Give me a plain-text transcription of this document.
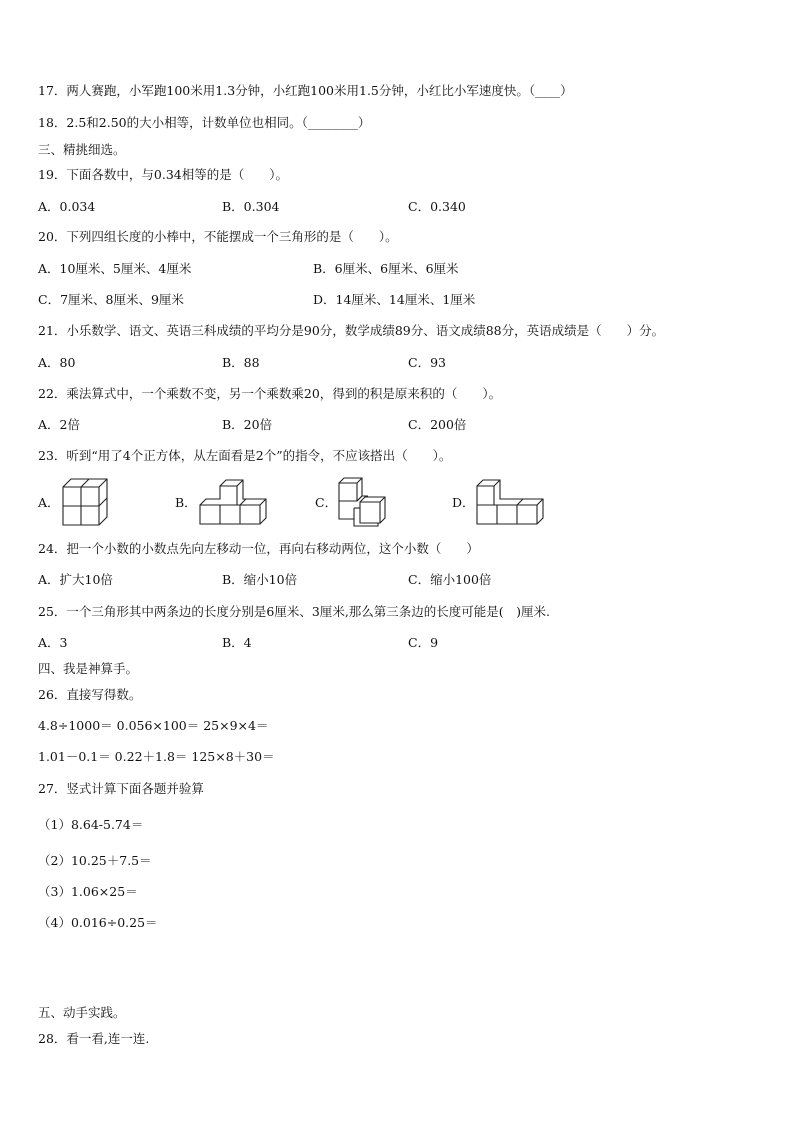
17．两人赛跑，小军跑100米用1.3分钟，小红跑100米用1.5分钟，小红比小军速度快。（____）
18．2.5和2.50的大小相等，计数单位也相同。（________）
三、精挑细选。
19．下面各数中，与0.34相等的是（　　）。
A．0.034	B．0.304	C．0.340
20．下列四组长度的小棒中，不能摆成一个三角形的是（　　）。
A．10厘米、5厘米、4厘米	B．6厘米、6厘米、6厘米
C．7厘米、8厘米、9厘米	D．14厘米、14厘米、1厘米
21．小乐数学、语文、英语三科成绩的平均分是90分，数学成绩89分、语文成绩88分，英语成绩是（　　）分。
A．80	B．88	C．93
22．乘法算式中，一个乘数不变，另一个乘数乘20，得到的积是原来积的（　　）。
A．2倍	B．20倍	C．200倍
23．听到“用了4个正方体，从左面看是2个”的指令，不应该搭出（　　）。
A．	B．	C．	D．
24．把一个小数的小数点先向左移动一位，再向右移动两位，这个小数（　　）
A．扩大10倍	B．缩小10倍	C．缩小100倍
25．一个三角形其中两条边的长度分别是6厘米、3厘米,那么第三条边的长度可能是(　)厘米.
A．3	B．4	C．9
四、我是神算手。
26．直接写得数。
4.8÷1000＝ 0.056×100＝ 25×9×4＝
1.01－0.1＝ 0.22＋1.8＝ 125×8＋30＝
27．竖式计算下面各题并验算
（1）8.64-5.74＝
（2）10.25＋7.5＝
（3）1.06×25＝
（4）0.016÷0.25＝
五、动手实践。
28．看一看,连一连.
